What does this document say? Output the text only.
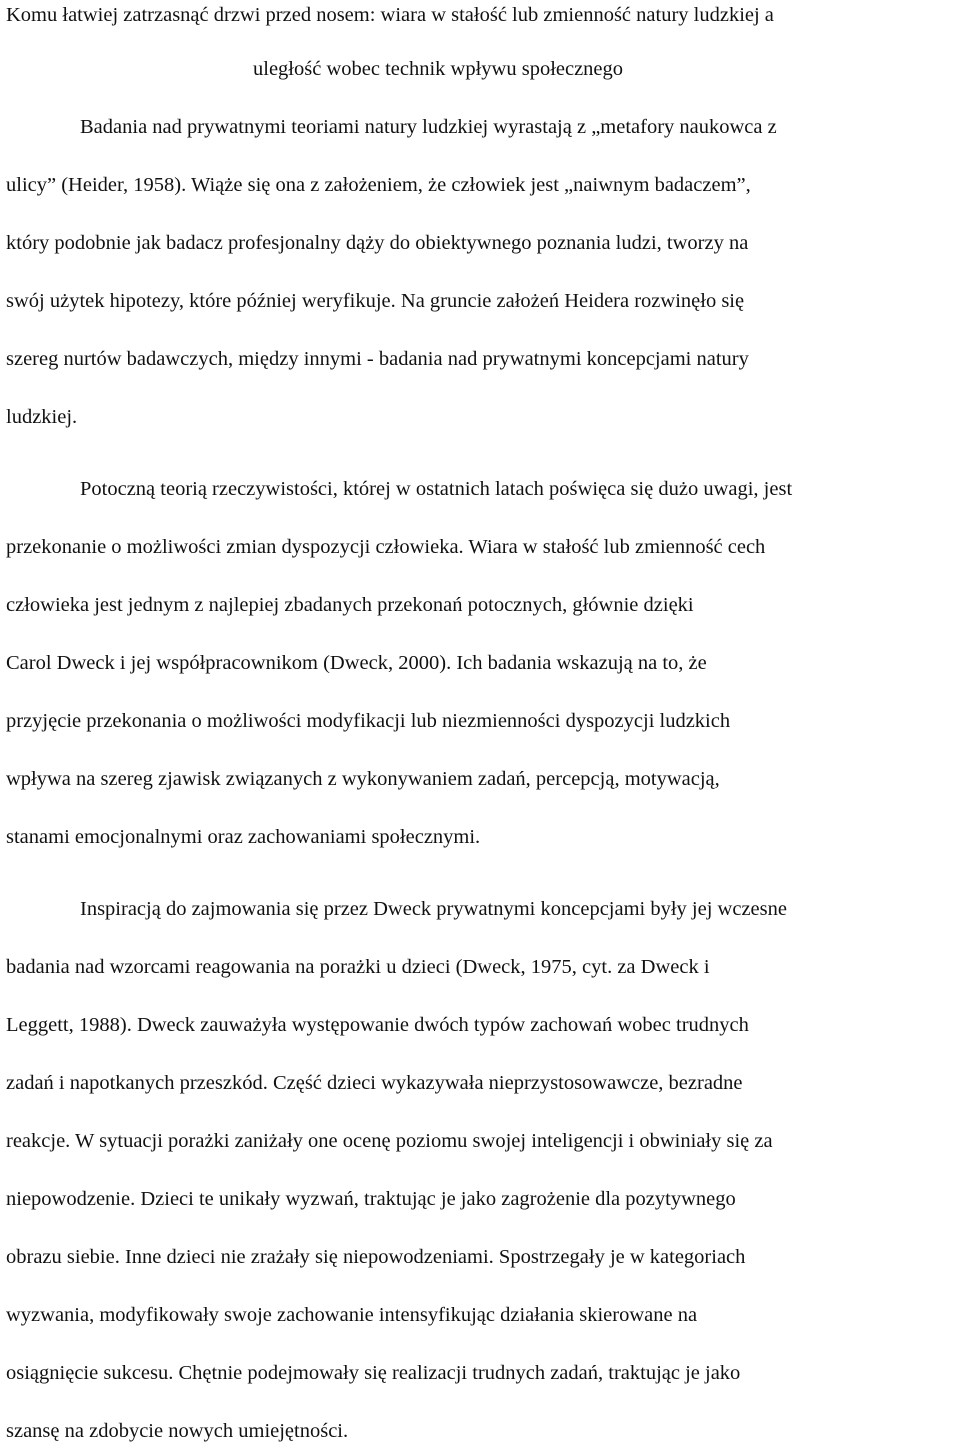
Komu łatwiej zatrzasnąć drzwi przed nosem: wiara w stałość lub zmienność natury ludzkiej a
uległość wobec technik wpływu społecznego
Badania nad prywatnymi teoriami natury ludzkiej wyrastają z „metafory naukowca z
ulicy” (Heider, 1958). Wiąże się ona z założeniem, że człowiek jest „naiwnym badaczem”,
który podobnie jak badacz profesjonalny dąży do obiektywnego poznania ludzi, tworzy na
swój użytek hipotezy, które później weryfikuje. Na gruncie założeń Heidera rozwinęło się
szereg nurtów badawczych, między innymi - badania nad prywatnymi koncepcjami natury
ludzkiej.
Potoczną teorią rzeczywistości, której w ostatnich latach poświęca się dużo uwagi, jest
przekonanie o możliwości zmian dyspozycji człowieka. Wiara w stałość lub zmienność cech
człowieka jest jednym z najlepiej zbadanych przekonań potocznych, głównie dzięki
Carol Dweck i jej współpracownikom (Dweck, 2000). Ich badania wskazują na to, że
przyjęcie przekonania o możliwości modyfikacji lub niezmienności dyspozycji ludzkich
wpływa na szereg zjawisk związanych z wykonywaniem zadań, percepcją, motywacją,
stanami emocjonalnymi oraz zachowaniami społecznymi.
Inspiracją do zajmowania się przez Dweck prywatnymi koncepcjami były jej wczesne
badania nad wzorcami reagowania na porażki u dzieci (Dweck, 1975, cyt. za Dweck i
Leggett, 1988). Dweck zauważyła występowanie dwóch typów zachowań wobec trudnych
zadań i napotkanych przeszkód. Część dzieci wykazywała nieprzystosowawcze, bezradne
reakcje. W sytuacji porażki zaniżały one ocenę poziomu swojej inteligencji i obwiniały się za
niepowodzenie. Dzieci te unikały wyzwań, traktując je jako zagrożenie dla pozytywnego
obrazu siebie. Inne dzieci nie zrażały się niepowodzeniami. Spostrzegały je w kategoriach
wyzwania, modyfikowały swoje zachowanie intensyfikując działania skierowane na
osiągnięcie sukcesu. Chętnie podejmowały się realizacji trudnych zadań, traktując je jako
szansę na zdobycie nowych umiejętności.
